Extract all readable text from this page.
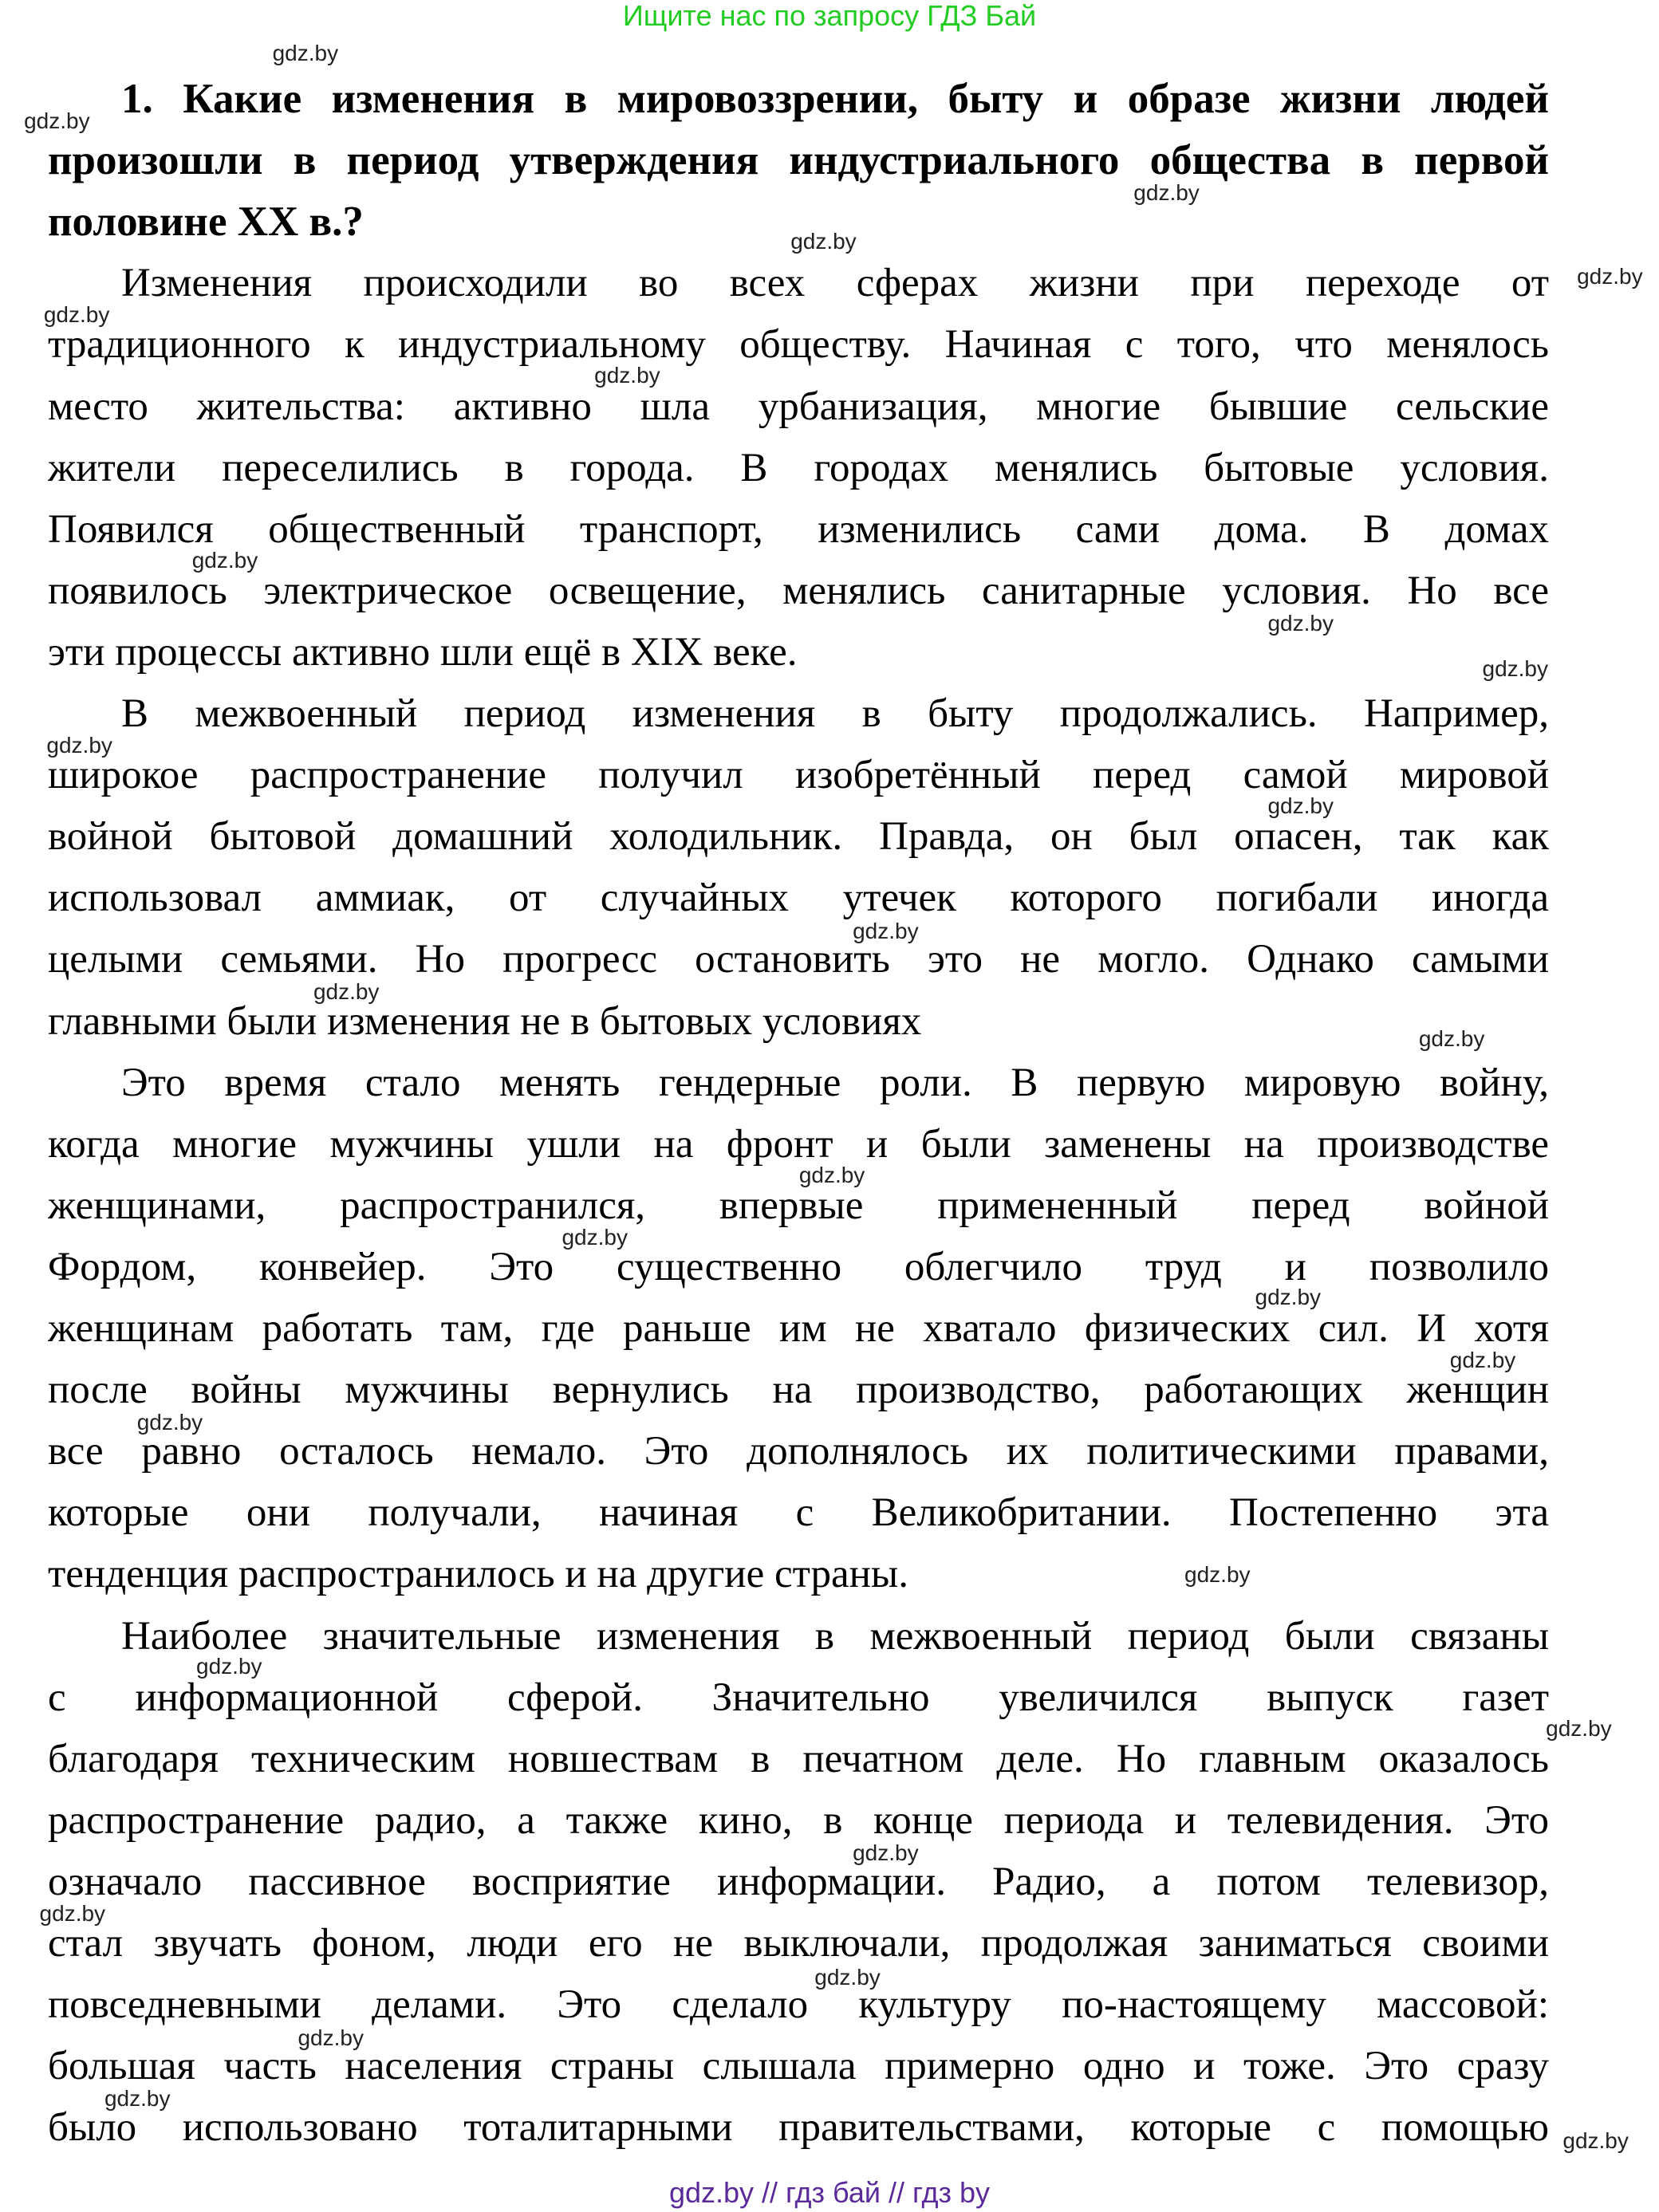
Ищите нас по запросу ГДЗ Бай
1. Какие изменения в мировоззрении, быту и образе жизни людей
произошли в период утверждения индустриального общества в первой
половине XX в.?
Изменения происходили во всех сферах жизни при переходе от
традиционного к индустриальному обществу. Начиная с того, что менялось
место жительства: активно шла урбанизация, многие бывшие сельские
жители переселились в города. В городах менялись бытовые условия.
Появился общественный транспорт, изменились сами дома. В домах
появилось электрическое освещение, менялись санитарные условия. Но все
эти процессы активно шли ещё в XIX веке.
В межвоенный период изменения в быту продолжались. Например,
широкое распространение получил изобретённый перед самой мировой
войной бытовой домашний холодильник. Правда, он был опасен, так как
использовал аммиак, от случайных утечек которого погибали иногда
целыми семьями. Но прогресс остановить это не могло. Однако самыми
главными были изменения не в бытовых условиях
Это время стало менять гендерные роли. В первую мировую войну,
когда многие мужчины ушли на фронт и были заменены на производстве
женщинами, распространился, впервые примененный перед войной
Фордом, конвейер. Это существенно облегчило труд и позволило
женщинам работать там, где раньше им не хватало физических сил. И хотя
после войны мужчины вернулись на производство, работающих женщин
все равно осталось немало. Это дополнялось их политическими правами,
которые они получали, начиная с Великобритании. Постепенно эта
тенденция распространилось и на другие страны.
Наиболее значительные изменения в межвоенный период были связаны
с информационной сферой. Значительно увеличился выпуск газет
благодаря техническим новшествам в печатном деле. Но главным оказалось
распространение радио, а также кино, в конце периода и телевидения. Это
означало пассивное восприятие информации. Радио, а потом телевизор,
стал звучать фоном, люди его не выключали, продолжая заниматься своими
повседневными делами. Это сделало культуру по-настоящему массовой:
большая часть населения страны слышала примерно одно и тоже. Это сразу
было использовано тоталитарными правительствами, которые с помощью
gdz.by
gdz.by
gdz.by
gdz.by
gdz.by
gdz.by
gdz.by
gdz.by
gdz.by
gdz.by
gdz.by
gdz.by
gdz.by
gdz.by
gdz.by
gdz.by
gdz.by
gdz.by
gdz.by
gdz.by
gdz.by
gdz.by
gdz.by
gdz.by
gdz.by
gdz.by
gdz.by
gdz.by
gdz.by
gdz.by // гдз бай // гдз by
